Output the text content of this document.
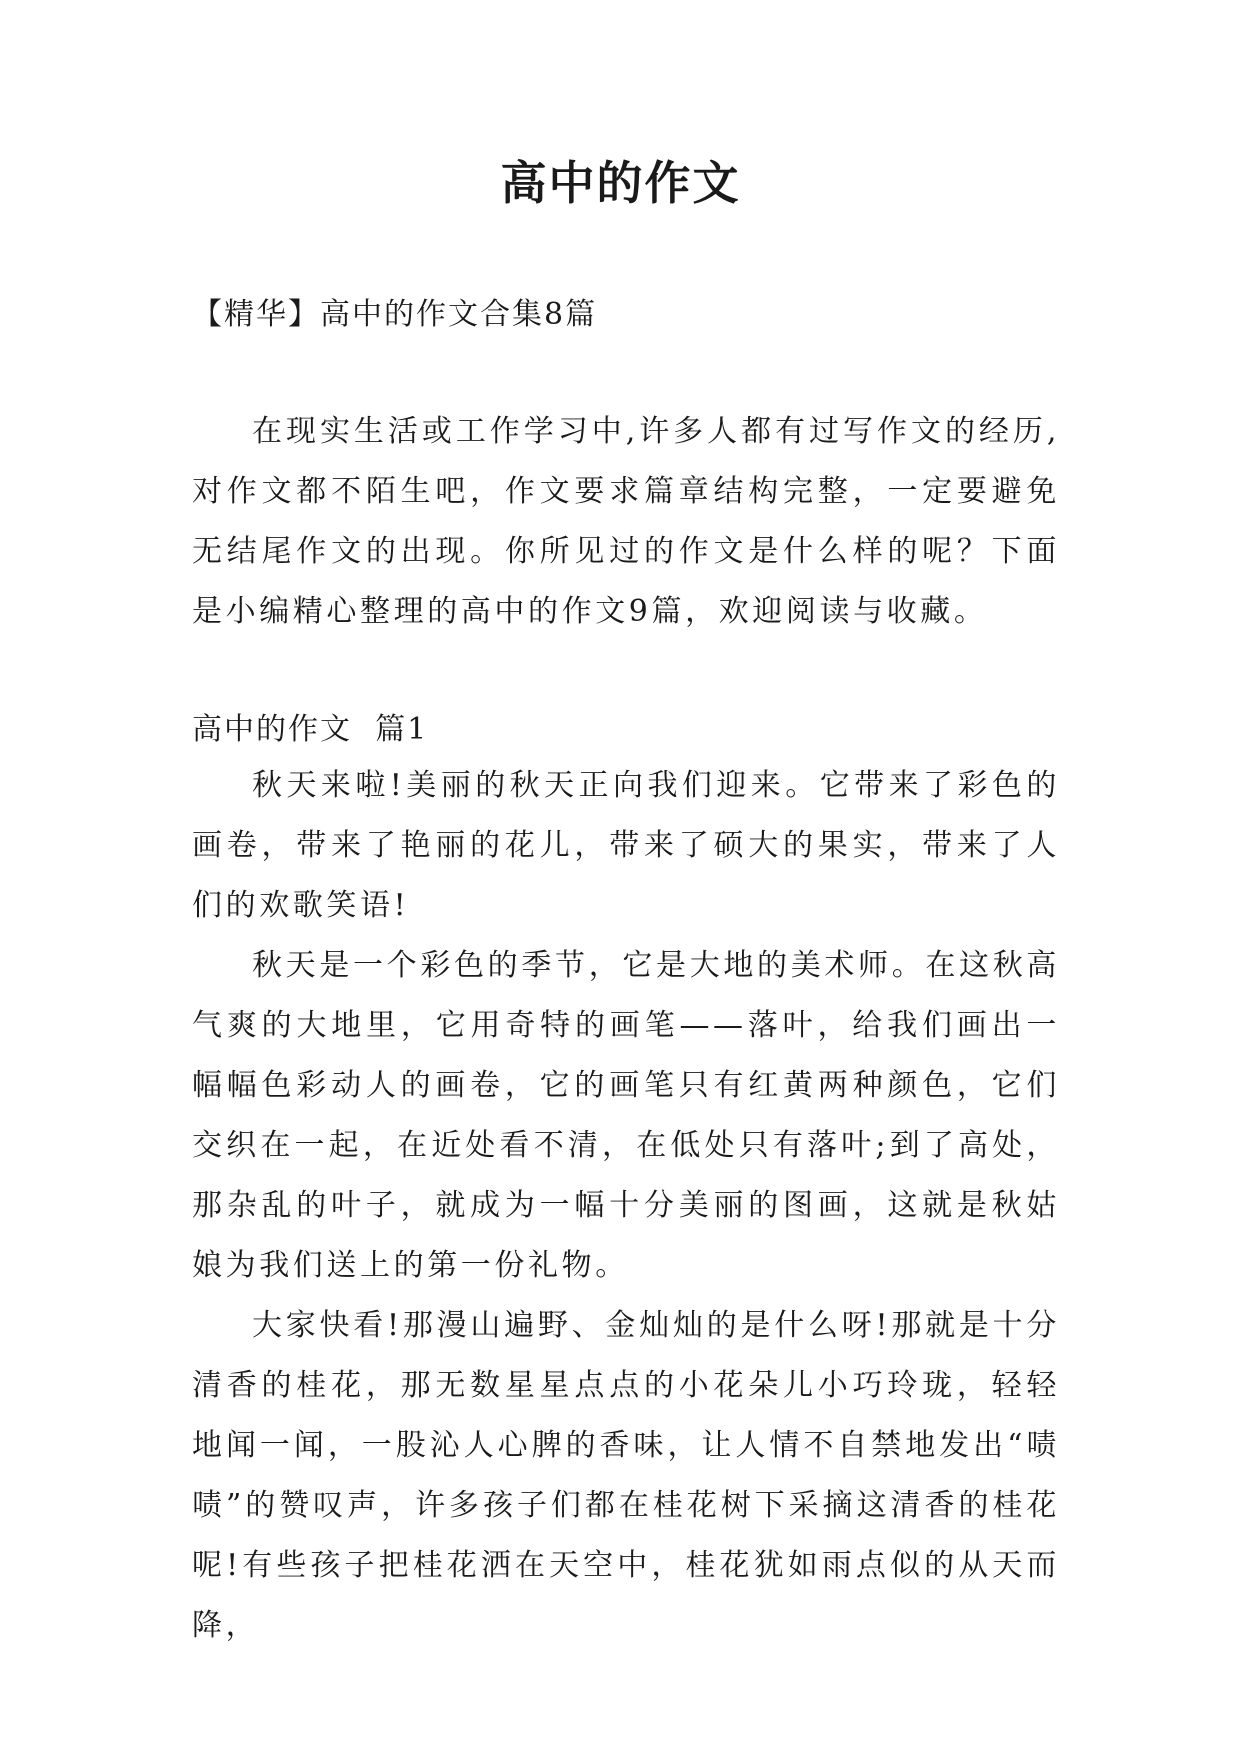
高中的作文
【精华】高中的作文合集8篇

在现实生活或工作学习中,许多人都有过写作文的经历,对作文都不陌生吧，作文要求篇章结构完整，一定要避免无结尾作文的出现。你所见过的作文是什么样的呢？下面是小编精心整理的高中的作文9篇，欢迎阅读与收藏。

高中的作文  篇1

秋天来啦!美丽的秋天正向我们迎来。它带来了彩色的画卷，带来了艳丽的花儿，带来了硕大的果实，带来了人们的欢歌笑语!

秋天是一个彩色的季节，它是大地的美术师。在这秋高气爽的大地里，它用奇特的画笔——落叶，给我们画出一幅幅色彩动人的画卷，它的画笔只有红黄两种颜色，它们交织在一起，在近处看不清，在低处只有落叶;到了高处，那杂乱的叶子，就成为一幅十分美丽的图画，这就是秋姑娘为我们送上的第一份礼物。

大家快看!那漫山遍野、金灿灿的是什么呀!那就是十分清香的桂花，那无数星星点点的小花朵儿小巧玲珑，轻轻地闻一闻，一股沁人心脾的香味，让人情不自禁地发出“啧啧”的赞叹声，许多孩子们都在桂花树下采摘这清香的桂花呢!有些孩子把桂花洒在天空中，桂花犹如雨点似的从天而降，
